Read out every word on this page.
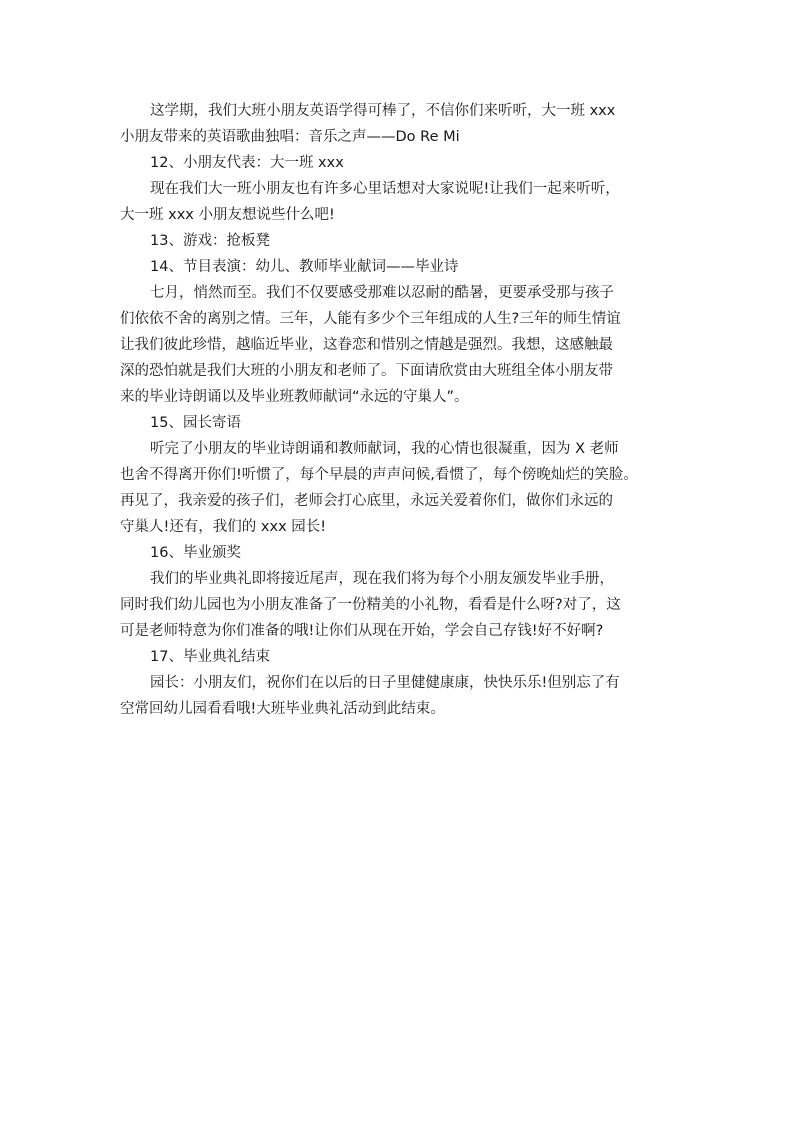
这学期，我们大班小朋友英语学得可棒了，不信你们来听听，大一班 xxx
小朋友带来的英语歌曲独唱：音乐之声——Do Re Mi
12、小朋友代表：大一班 xxx
现在我们大一班小朋友也有许多心里话想对大家说呢!让我们一起来听听，
大一班 xxx 小朋友想说些什么吧!
13、游戏：抢板凳
14、节目表演：幼儿、教师毕业献词——毕业诗
七月，悄然而至。我们不仅要感受那难以忍耐的酷暑，更要承受那与孩子
们依依不舍的离别之情。三年，人能有多少个三年组成的人生?三年的师生情谊
让我们彼此珍惜，越临近毕业，这眷恋和惜别之情越是强烈。我想，这感触最
深的恐怕就是我们大班的小朋友和老师了。下面请欣赏由大班组全体小朋友带
来的毕业诗朗诵以及毕业班教师献词“永远的守巢人”。
15、园长寄语
听完了小朋友的毕业诗朗诵和教师献词，我的心情也很凝重，因为 X 老师
也舍不得离开你们!听惯了，每个早晨的声声问候,看惯了，每个傍晚灿烂的笑脸。
再见了，我亲爱的孩子们，老师会打心底里，永远关爱着你们，做你们永远的
守巢人!还有，我们的 xxx 园长!
16、毕业颁奖
我们的毕业典礼即将接近尾声，现在我们将为每个小朋友颁发毕业手册，
同时我们幼儿园也为小朋友准备了一份精美的小礼物，看看是什么呀?对了，这
可是老师特意为你们准备的哦!让你们从现在开始，学会自己存钱!好不好啊?
17、毕业典礼结束
园长：小朋友们，祝你们在以后的日子里健健康康，快快乐乐!但别忘了有
空常回幼儿园看看哦!大班毕业典礼活动到此结束。
